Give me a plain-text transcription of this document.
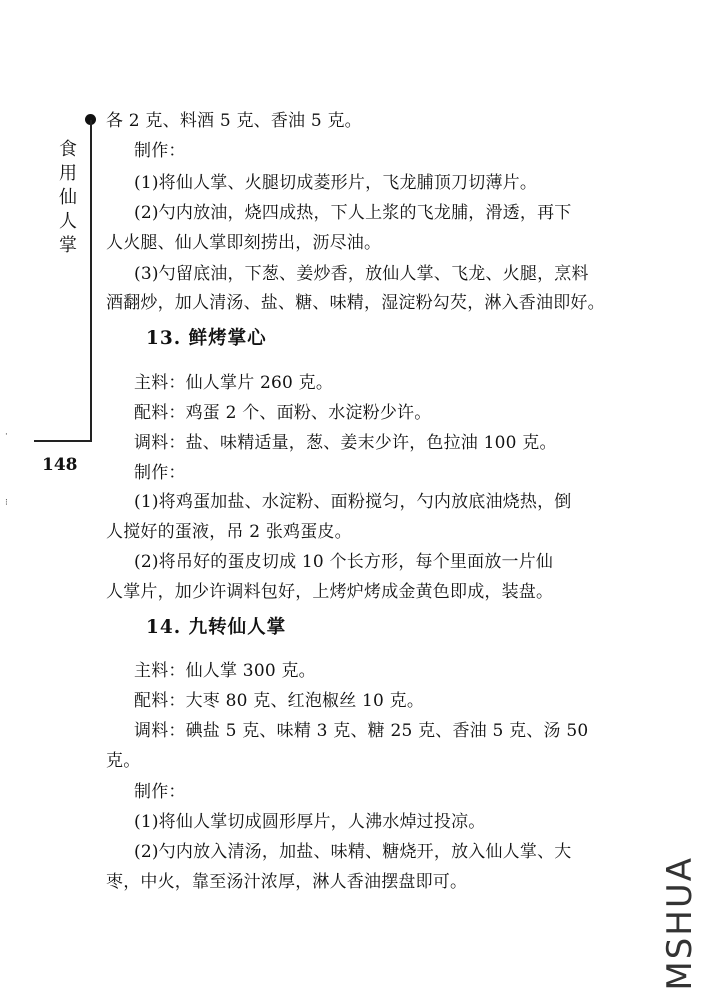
食用仙人掌
148
·
⁝
各 2 克、料酒 5 克、香油 5 克。
制作：
(1)将仙人掌、火腿切成菱形片，飞龙脯顶刀切薄片。
(2)勺内放油，烧四成热，下人上浆的飞龙脯，滑透，再下
人火腿、仙人掌即刻捞出，沥尽油。
(3)勺留底油，下葱、姜炒香，放仙人掌、飞龙、火腿，烹料
酒翻炒，加人清汤、盐、糖、味精，湿淀粉勾芡，淋入香油即好。
13. 鲜烤掌心
主料：仙人掌片 260 克。
配料：鸡蛋 2 个、面粉、水淀粉少许。
调料：盐、味精适量，葱、姜末少许，色拉油 100 克。
制作：
(1)将鸡蛋加盐、水淀粉、面粉搅匀，勺内放底油烧热，倒
人搅好的蛋液，吊 2 张鸡蛋皮。
(2)将吊好的蛋皮切成 10 个长方形，每个里面放一片仙
人掌片，加少许调料包好，上烤炉烤成金黄色即成，装盘。
14. 九转仙人掌
主料：仙人掌 300 克。
配料：大枣 80 克、红泡椒丝 10 克。
调料：碘盐 5 克、味精 3 克、糖 25 克、香油 5 克、汤 50
克。
制作：
(1)将仙人掌切成圆形厚片，人沸水焯过投凉。
(2)勺内放入清汤，加盐、味精、糖烧开，放入仙人掌、大
枣，中火，靠至汤汁浓厚，淋人香油摆盘即可。	MSHUA
